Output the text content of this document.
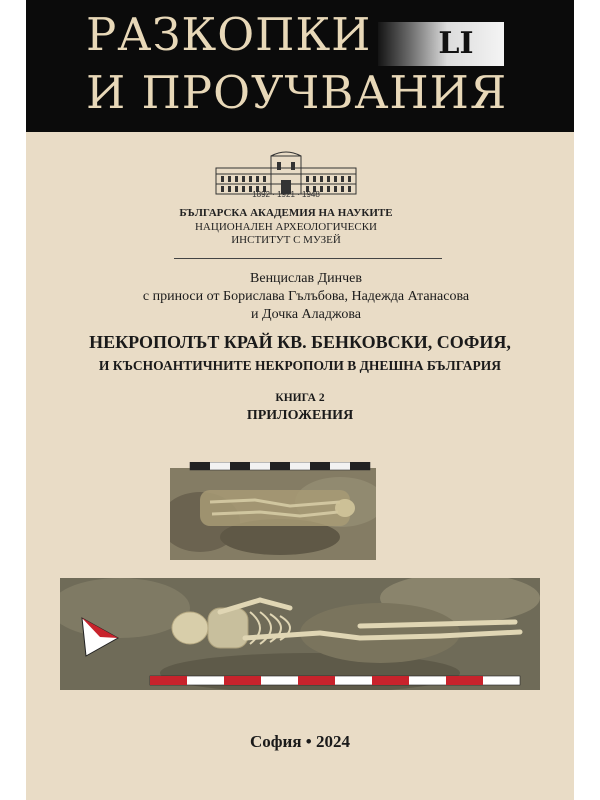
РАЗКОПКИ	LI
И ПРОУЧВАНИЯ
1892 · 1921 · 1948
БЪЛГАРСКА АКАДЕМИЯ НА НАУКИТЕ
НАЦИОНАЛЕН АРХЕОЛОГИЧЕСКИ
ИНСТИТУТ С МУЗЕЙ
Венцислав Динчев
с приноси от Борислава Гълъбова, Надежда Атанасова
и Дочка Аладжова
НЕКРОПОЛЪТ КРАЙ КВ. БЕНКОВСКИ, СОФИЯ,
И КЪСНОАНТИЧНИТЕ НЕКРОПОЛИ В ДНЕШНА БЪЛГАРИЯ
КНИГА 2
ПРИЛОЖЕНИЯ
София • 2024
